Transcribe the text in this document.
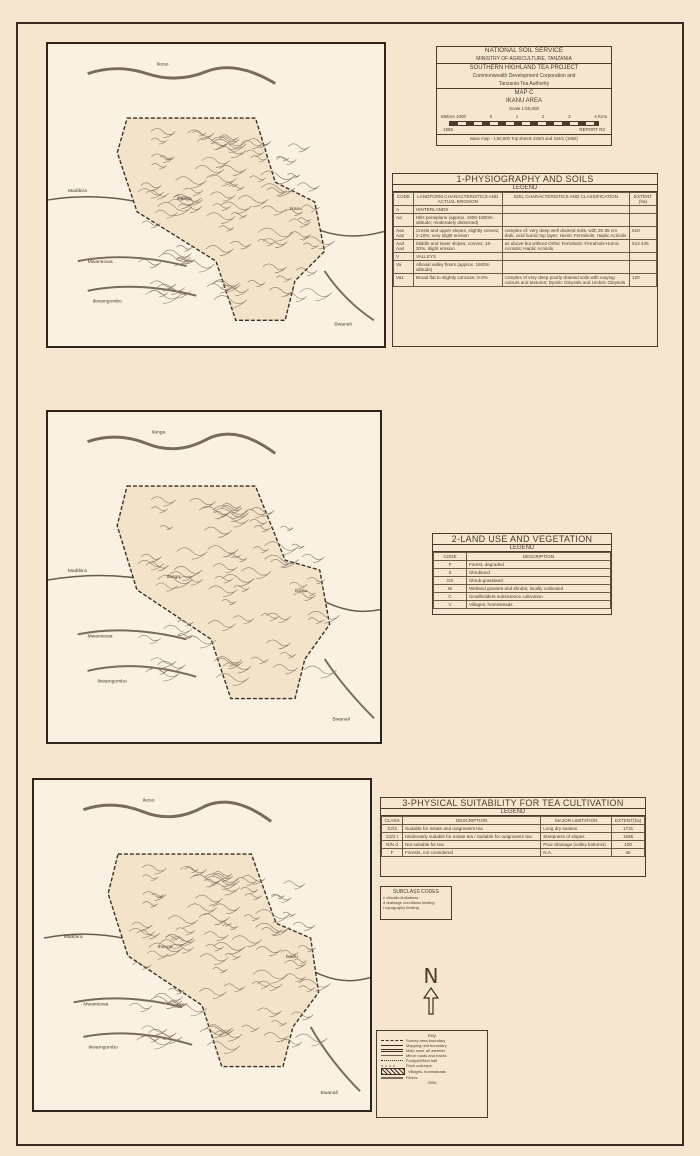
Ikoso
Madibira
Mwamtowa
Ikwamgombo
Ihunga
Ikanu
Bwanali
NATIONAL SOIL SERVICE
MINISTRY OF AGRICULTURE, TANZANIA
SOUTHERN HIGHLAND TEA PROJECT
Commonwealth Development Corporation and
Tanzania Tea Authority
MAP C
IKANU AREA
Scale 1:50,000
Metres 1000	0	1	2	3	4 Kms
1985	REPORT R2
Base map - 1:50,000 Top sheets 233/3 and 244/1 (1982)
1-PHYSIOGRAPHY AND SOILS
LEGEND
CODE	LANDFORM CHARACTERISTICS AND ACTUAL EROSION	SOIL CHARACTERISTICS AND CLASSIFICATION	EXTENT (ha)
A	HINTERLANDS		
Aa	Hills peneplane (approx. 1600-1800m. altitude; moderately dissected)		
Aa1 Aa2	Crests and upper slopes, slightly convex; 2-16%; very slight erosion	complex of: very deep well drained soils, with 25-35 cm dark, acid humic top layer; Humic Ferralsols; Haplic Acrisols	610
Aa3 Aa4	Middle and lower slopes, convex; 16-30%; slight erosion	as above but without Orthic Ferralsols; Ferralsols-Humic Acrisols; Haplic Acrisols	513 435
V	VALLEYS		
Va	Alluvial valley floors (approx. 1600m altitude)		
Va1	Broad flat to slightly concave; 0-2%	complex of very deep poorly drained soils with varying colours and textures; Dystric Gleysols and Umbric Gleysols	120
Ilanga
Madibira
Mwamtowa
Ikwamgombo
Ilanga
Ikanu
Bwanali
2-LAND USE AND VEGETATION
LEGEND
CODE	DESCRIPTION
F	Forest, degraded
S	Shrubland
GS	Shrub-grassland
W	Wetland grasses and shrubs; locally cultivated
C	Smallholders subsistence cultivation
V	Villages, homesteads
Ikoso
Madibira
Mwamtowa
Ikwamgombo
Ihunga
Ikanu
Bwanali
3-PHYSICAL SUITABILITY FOR TEA CULTIVATION
LEGEND
CLASS	DESCRIPTION	MAJOR LIMITATION	EXTENT(ha)
S2/3	Suitable for estate and outgrowers tea	Long dry season	1731
S3/2 t	Moderately suitable for estate tea / Suitable for outgrowers tea	Steepness of slopes	1595
N/N d	Not suitable for tea	Poor drainage (valley bottoms)	100
F	Forests, not considered	N.A.	40
SUBCLASS CODES
c climatic limitations
d drainage conditions limiting
t topography limiting
N
Key
Survey area boundary
Mapping unit boundary
Main road, all weather
Minor roads and tracks
Footpath/foot trail
xxxx	Rock outcrops
Villages, homesteads
Rivers
2006
